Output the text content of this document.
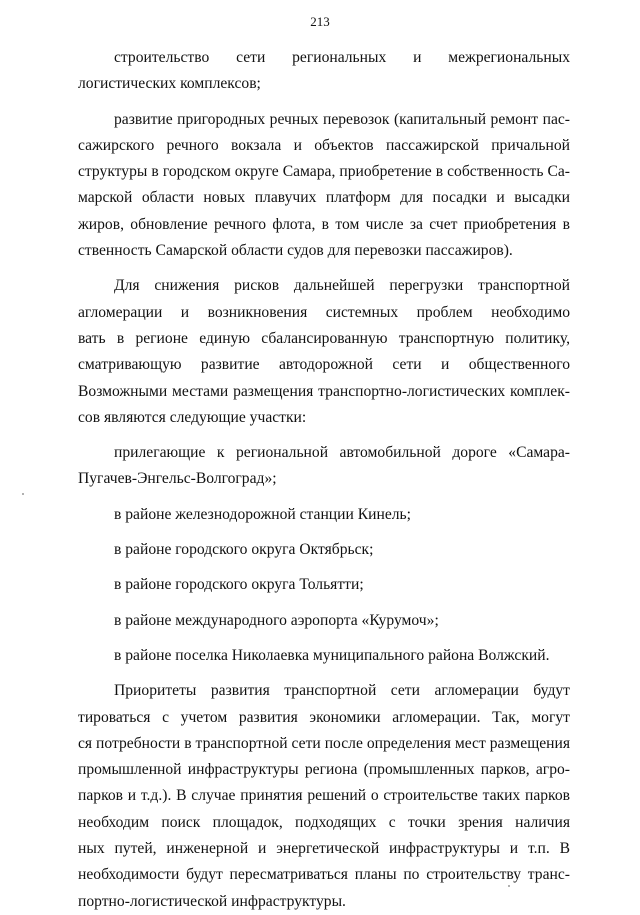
213
строительство сети региональных и межрегиональных
логистических комплексов;
развитие пригородных речных перевозок (капитальный ремонт пас-
сажирского речного вокзала и объектов пассажирской причальной
структуры в городском округе Самара, приобретение в собственность Са-
марской области новых плавучих платформ для посадки и высадки
жиров, обновление речного флота, в том числе за счет приобретения в
ственность Самарской области судов для перевозки пассажиров).
Для снижения рисков дальнейшей перегрузки транспортной
агломерации и возникновения системных проблем необходимо
вать в регионе единую сбалансированную транспортную политику,
сматривающую развитие автодорожной сети и общественного
Возможными местами размещения транспортно-логистических комплек-
сов являются следующие участки:
прилегающие к региональной автомобильной дороге «Самара-
Пугачев-Энгельс-Волгоград»;
в районе железнодорожной станции Кинель;
в районе городского округа Октябрьск;
в районе городского округа Тольятти;
в районе международного аэропорта «Курумоч»;
в районе поселка Николаевка муниципального района Волжский.
Приоритеты развития транспортной сети агломерации будут
тироваться с учетом развития экономики агломерации. Так, могут
ся потребности в транспортной сети после определения мест размещения
промышленной инфраструктуры региона (промышленных парков, агро-
парков и т.д.). В случае принятия решений о строительстве таких парков
необходим поиск площадок, подходящих с точки зрения наличия
ных путей, инженерной и энергетической инфраструктуры и т.п. В
необходимости будут пересматриваться планы по строительству транс-
портно-логистической инфраструктуры.
